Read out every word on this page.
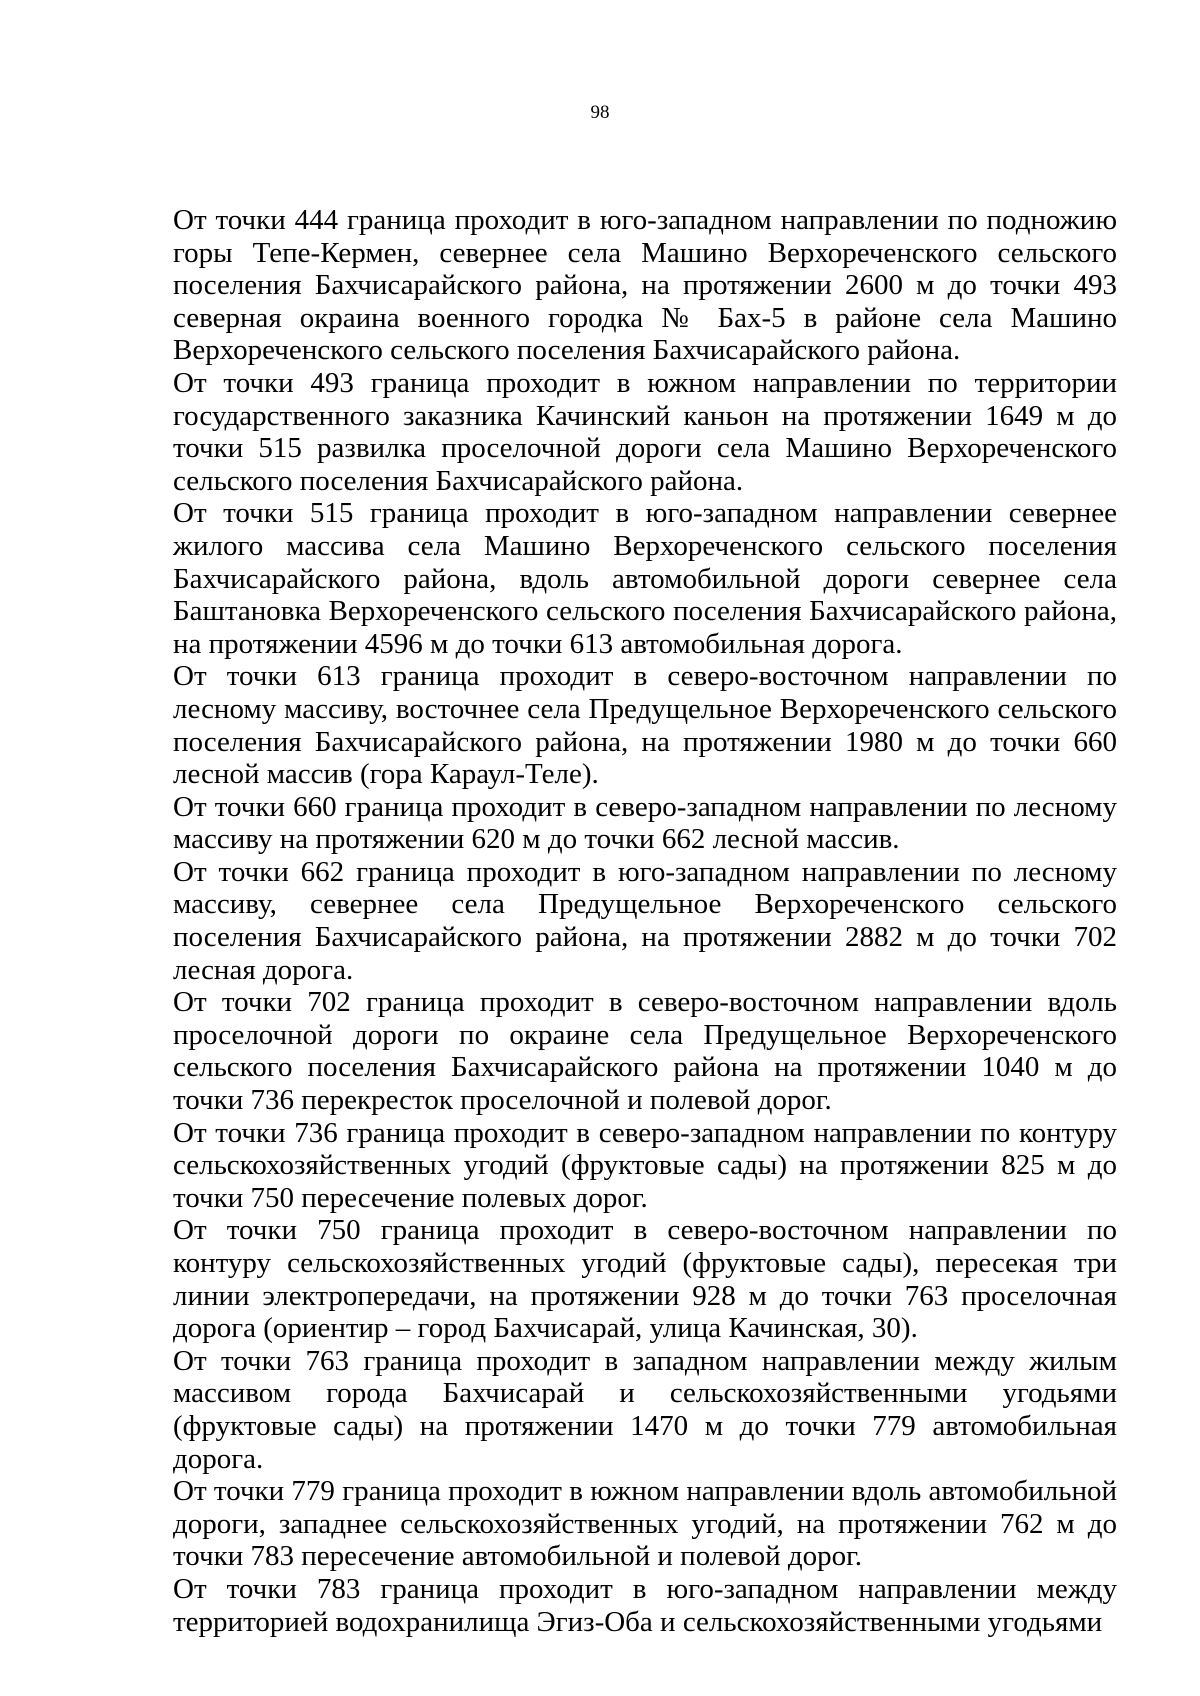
98

От точки 444 граница проходит в юго-западном направлении по подножию горы Тепе-Кермен, севернее села Машино Верхореченского сельского поселения Бахчисарайского района, на протяжении 2600 м до точки 493 северная окраина военного городка № Бах-5 в районе села Машино Верхореченского сельского поселения Бахчисарайского района.

От точки 493 граница проходит в южном направлении по территории государственного заказника Качинский каньон на протяжении 1649 м до точки 515 развилка проселочной дороги села Машино Верхореченского сельского поселения Бахчисарайского района.

От точки 515 граница проходит в юго-западном направлении севернее жилого массива села Машино Верхореченского сельского поселения Бахчисарайского района, вдоль автомобильной дороги севернее села Баштановка Верхореченского сельского поселения Бахчисарайского района, на протяжении 4596 м до точки 613 автомобильная дорога.

От точки 613 граница проходит в северо-восточном направлении по лесному массиву, восточнее села Предущельное Верхореченского сельского поселения Бахчисарайского района, на протяжении 1980 м до точки 660 лесной массив (гора Караул-Теле).

От точки 660 граница проходит в северо-западном направлении по лесному массиву на протяжении 620 м до точки 662 лесной массив.

От точки 662 граница проходит в юго-западном направлении по лесному массиву, севернее села Предущельное Верхореченского сельского поселения Бахчисарайского района, на протяжении 2882 м до точки 702 лесная дорога.

От точки 702 граница проходит в северо-восточном направлении вдоль проселочной дороги по окраине села Предущельное Верхореченского сельского поселения Бахчисарайского района на протяжении 1040 м до точки 736 перекресток проселочной и полевой дорог.

От точки 736 граница проходит в северо-западном направлении по контуру сельскохозяйственных угодий (фруктовые сады) на протяжении 825 м до точки 750 пересечение полевых дорог.

От точки 750 граница проходит в северо-восточном направлении по контуру сельскохозяйственных угодий (фруктовые сады), пересекая три линии электропередачи, на протяжении 928 м до точки 763 проселочная дорога (ориентир – город Бахчисарай, улица Качинская, 30).

От точки 763 граница проходит в западном направлении между жилым массивом города Бахчисарай и сельскохозяйственными угодьями (фруктовые сады) на протяжении 1470 м до точки 779 автомобильная дорога.

От точки 779 граница проходит в южном направлении вдоль автомобильной дороги, западнее сельскохозяйственных угодий, на протяжении 762 м до точки 783 пересечение автомобильной и полевой дорог.

От точки 783 граница проходит в юго-западном направлении между территорией водохранилища Эгиз-Оба и сельскохозяйственными угодьями
